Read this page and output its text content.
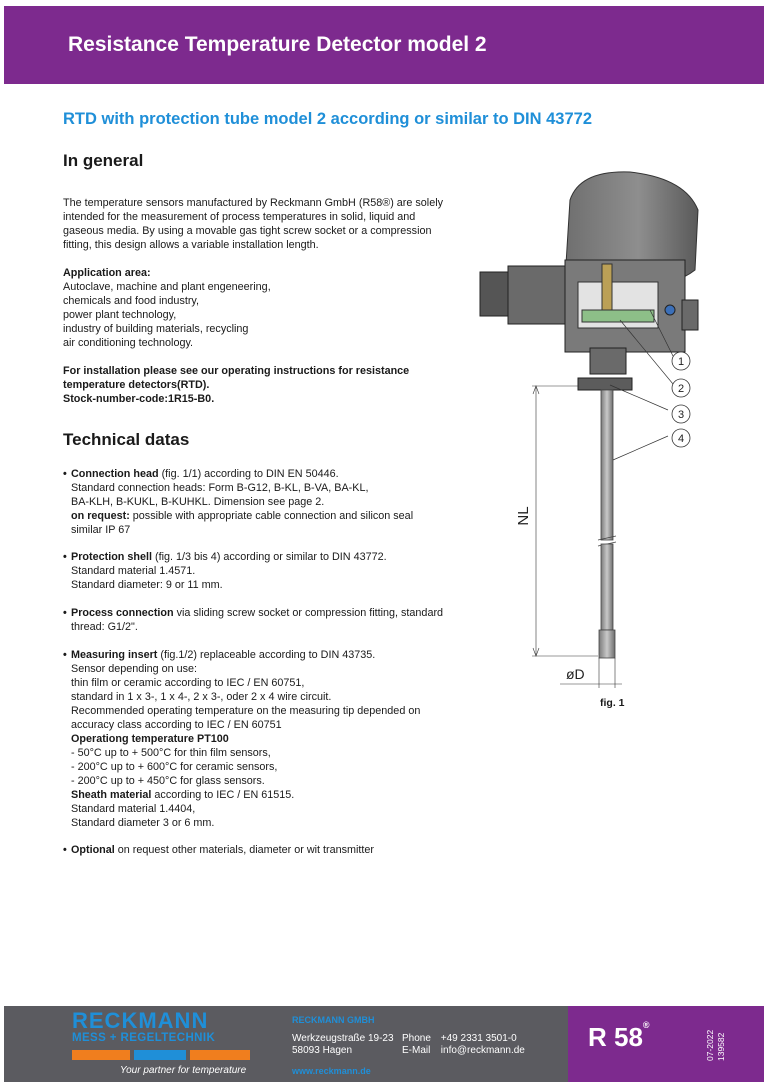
Resistance Temperature Detector model 2
RTD with protection tube model 2 according or similar to DIN 43772
In general

The temperature sensors manufactured by Reckmann GmbH (R58®) are solely

intended for the measurement of process temperatures in solid, liquid and

gaseous media. By using a movable gas tight screw socket or a compression

fitting, this design allows a variable installation length.

Application area:

Autoclave, machine and plant engeneering,

chemicals and food industry,

power plant technology,

industry of building materials, recycling

air conditioning technology.

For installation please see our operating instructions for resistance

temperature detectors(RTD).

Stock-number-code:1R15-B0.

Technical datas
• Connection head (fig. 1/1) according to DIN EN 50446.

Standard connection heads: Form B-G12, B-KL, B-VA, BA-KL,

BA-KLH, B-KUKL, B-KUHKL. Dimension see page 2.

on request: possible with appropriate cable connection and silicon seal

similar IP 67

• Protection shell (fig. 1/3 bis 4) according or similar to DIN 43772.

Standard material 1.4571.

Standard diameter: 9 or 11 mm.

• Process connection via sliding screw socket or compression fitting, standard

thread: G1/2".

• Measuring insert (fig.1/2) replaceable according to DIN 43735.

Sensor depending on use:

thin film or ceramic according to IEC / EN 60751,

standard in 1 x 3-, 1 x 4-, 2 x 3-, oder 2 x 4 wire circuit.

Recommended operating temperature on the measuring tip depended on

accuracy class according to IEC / EN 60751

Operationg temperature PT100

- 50°C up to + 500°C for thin film sensors,

- 200°C up to + 600°C for ceramic sensors,

- 200°C up to + 450°C for glass sensors.

Sheath material according to IEC / EN 61515.

Standard material 1.4404,

Standard diameter 3 or 6 mm.

• Optional on request other materials, diameter or wit transmitter

NL
øD
1
2
3
4
fig. 1
RECKMANN
MESS + REGELTECHNIK
Your partner for temperature
RECKMANN GMBH
Werkzeugstraße 19-23
58093 Hagen
Phone +49 2331 3501-0
E-Mail info@reckmann.de
www.reckmann.de
R 58®
07-2022 139582
